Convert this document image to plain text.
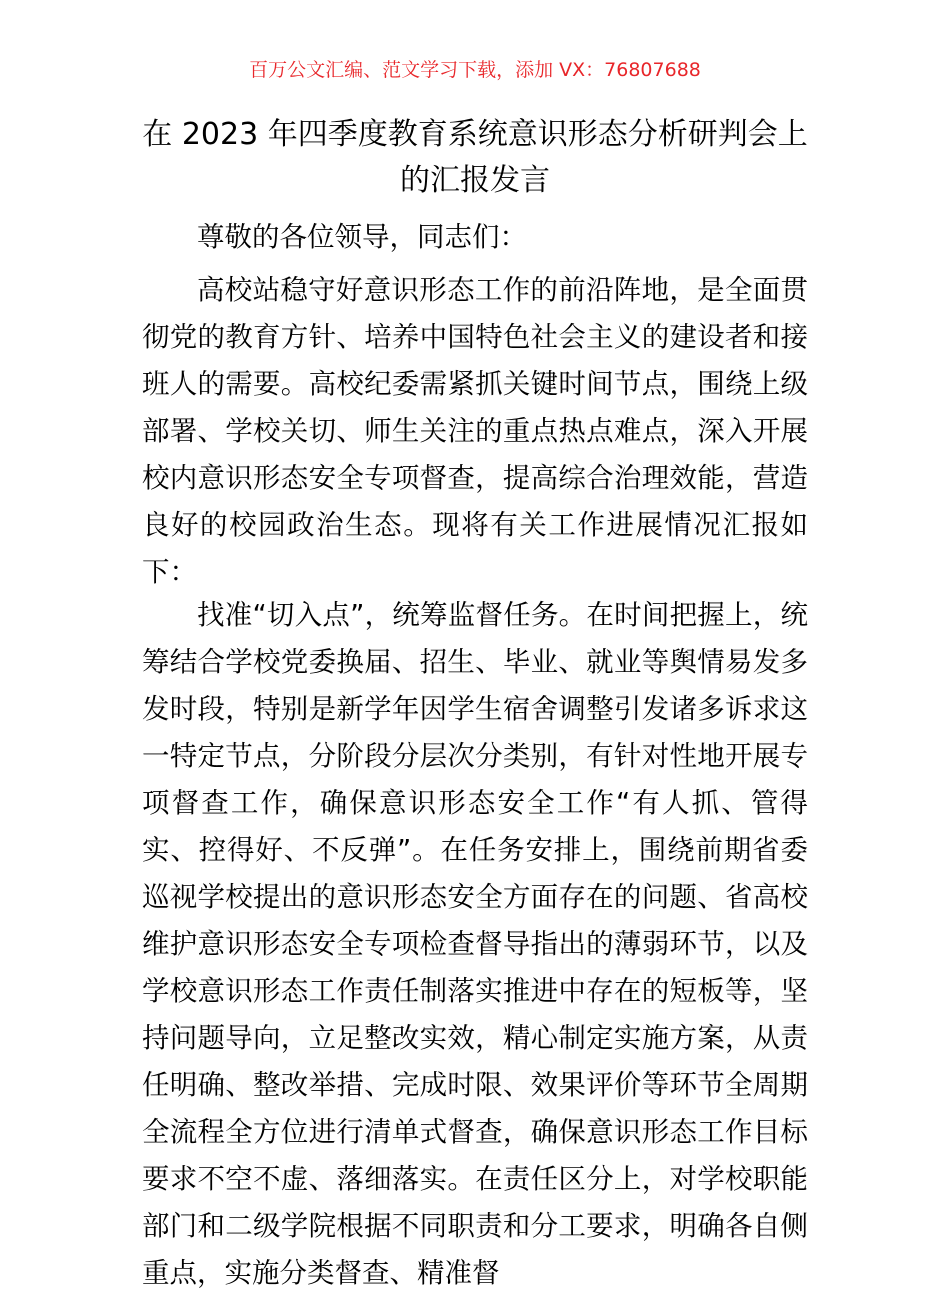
百万公文汇编、范文学习下载，添加 VX：76807688
在 2023 年四季度教育系统意识形态分析研判会上的汇报发言

尊敬的各位领导，同志们：

高校站稳守好意识形态工作的前沿阵地，是全面贯彻党的教育方针、培养中国特色社会主义的建设者和接班人的需要。高校纪委需紧抓关键时间节点，围绕上级部署、学校关切、师生关注的重点热点难点，深入开展校内意识形态安全专项督查，提高综合治理效能，营造良好的校园政治生态。现将有关工作进展情况汇报如下：

找准“切入点”，统筹监督任务。在时间把握上，统筹结合学校党委换届、招生、毕业、就业等舆情易发多发时段，特别是新学年因学生宿舍调整引发诸多诉求这一特定节点，分阶段分层次分类别，有针对性地开展专项督查工作，确保意识形态安全工作“有人抓、管得实、控得好、不反弹”。在任务安排上，围绕前期省委巡视学校提出的意识形态安全方面存在的问题、省高校维护意识形态安全专项检查督导指出的薄弱环节，以及学校意识形态工作责任制落实推进中存在的短板等，坚持问题导向，立足整改实效，精心制定实施方案，从责任明确、整改举措、完成时限、效果评价等环节全周期全流程全方位进行清单式督查，确保意识形态工作目标要求不空不虚、落细落实。在责任区分上，对学校职能部门和二级学院根据不同职责和分工要求，明确各自侧重点，实施分类督查、精准督
